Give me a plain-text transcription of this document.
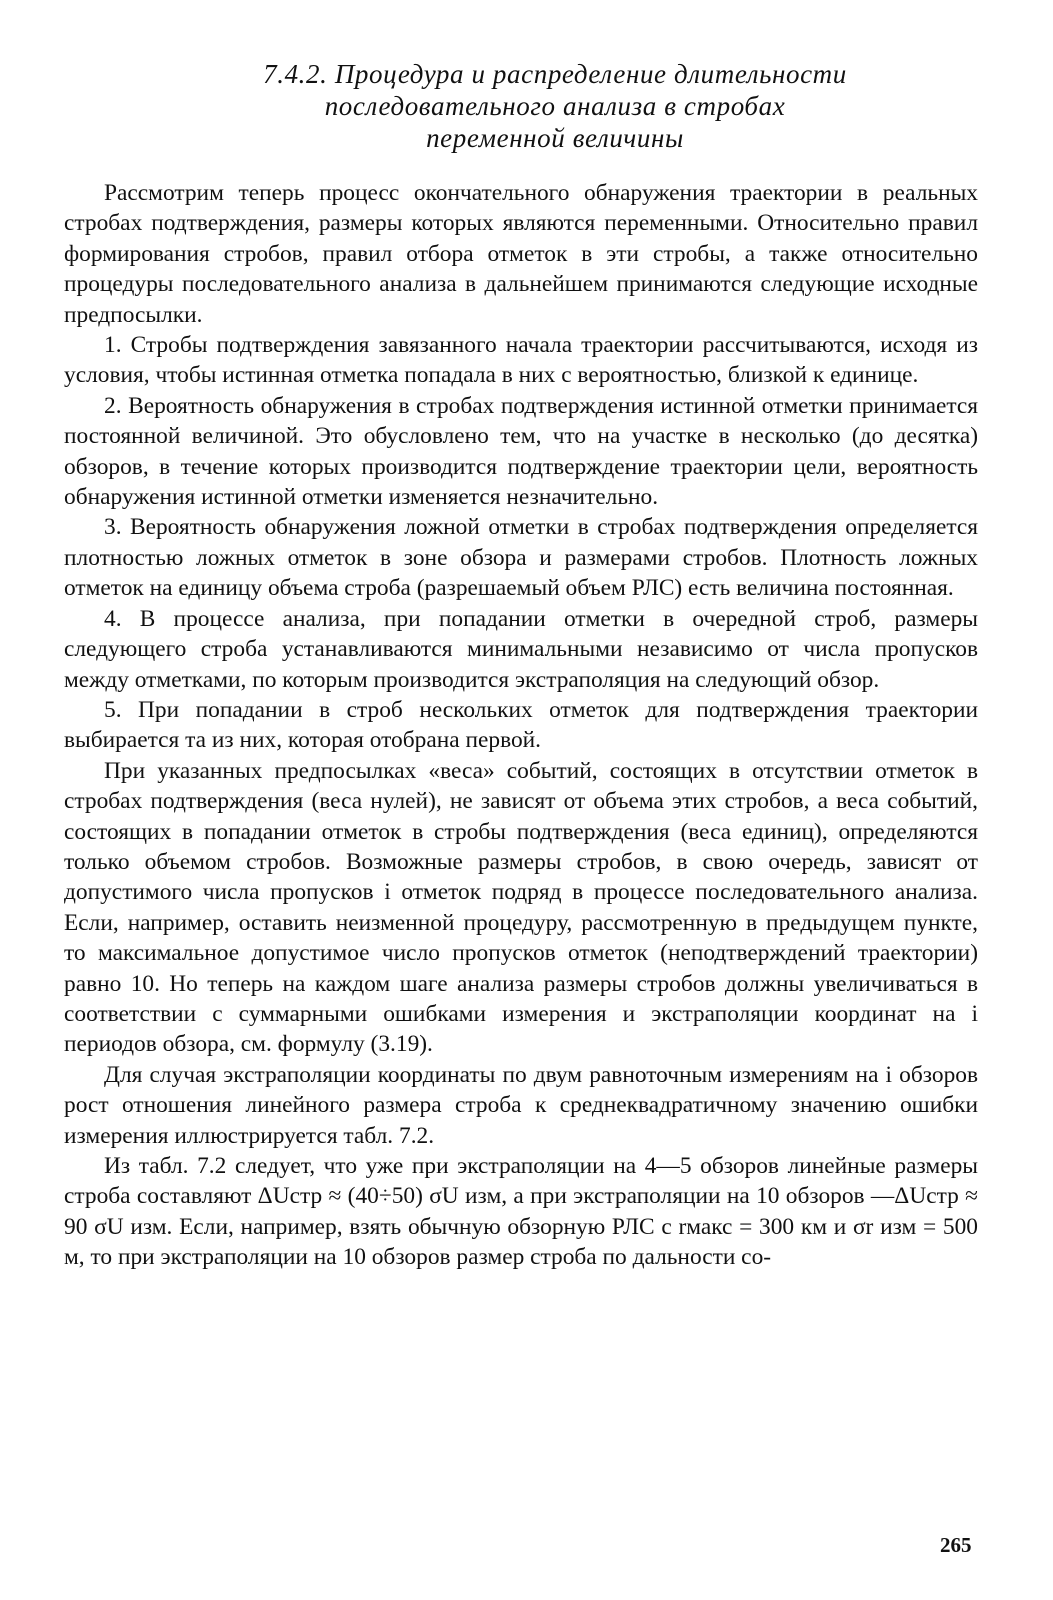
7.4.2. Процедура и распределение длительности
последовательного анализа в стробах
переменной величины

Рассмотрим теперь процесс окончательного обнаружения траектории в реальных стробах подтверждения, размеры которых являются переменными. Относительно правил формирования стробов, правил отбора отметок в эти стробы, а также относительно процедуры последовательного анализа в дальнейшем принимаются следующие исходные предпосылки.

1. Стробы подтверждения завязанного начала траектории рассчитываются, исходя из условия, чтобы истинная отметка попадала в них с вероятностью, близкой к единице.

2. Вероятность обнаружения в стробах подтверждения истинной отметки принимается постоянной величиной. Это обусловлено тем, что на участке в несколько (до десятка) обзоров, в течение которых производится подтверждение траектории цели, вероятность обнаружения истинной отметки изменяется незначительно.

3. Вероятность обнаружения ложной отметки в стробах подтверждения определяется плотностью ложных отметок в зоне обзора и размерами стробов. Плотность ложных отметок на единицу объема строба (разрешаемый объем РЛС) есть величина постоянная.

4. В процессе анализа, при попадании отметки в очередной строб, размеры следующего строба устанавливаются минимальными независимо от числа пропусков между отметками, по которым производится экстраполяция на следующий обзор.

5. При попадании в строб нескольких отметок для подтверждения траектории выбирается та из них, которая отобрана первой.

При указанных предпосылках «веса» событий, состоящих в отсутствии отметок в стробах подтверждения (веса нулей), не зависят от объема этих стробов, а веса событий, состоящих в попадании отметок в стробы подтверждения (веса единиц), определяются только объемом стробов. Возможные размеры стробов, в свою очередь, зависят от допустимого числа пропусков i отметок подряд в процессе последовательного анализа. Если, например, оставить неизменной процедуру, рассмотренную в предыдущем пункте, то максимальное допустимое число пропусков отметок (неподтверждений траектории) равно 10. Но теперь на каждом шаге анализа размеры стробов должны увеличиваться в соответствии с суммарными ошибками измерения и экстраполяции координат на i периодов обзора, см. формулу (3.19).

Для случая экстраполяции координаты по двум равноточным измерениям на i обзоров рост отношения линейного размера строба к среднеквадратичному значению ошибки измерения иллюстрируется табл. 7.2.

Из табл. 7.2 следует, что уже при экстраполяции на 4—5 обзоров линейные размеры строба составляют ΔUстр ≈ (40÷50) σU изм, а при экстраполяции на 10 обзоров —ΔUстр ≈ 90 σU изм. Если, например, взять обычную обзорную РЛС с rмакс = 300 км и σr изм = 500 м, то при экстраполяции на 10 обзоров размер строба по дальности со-

265
